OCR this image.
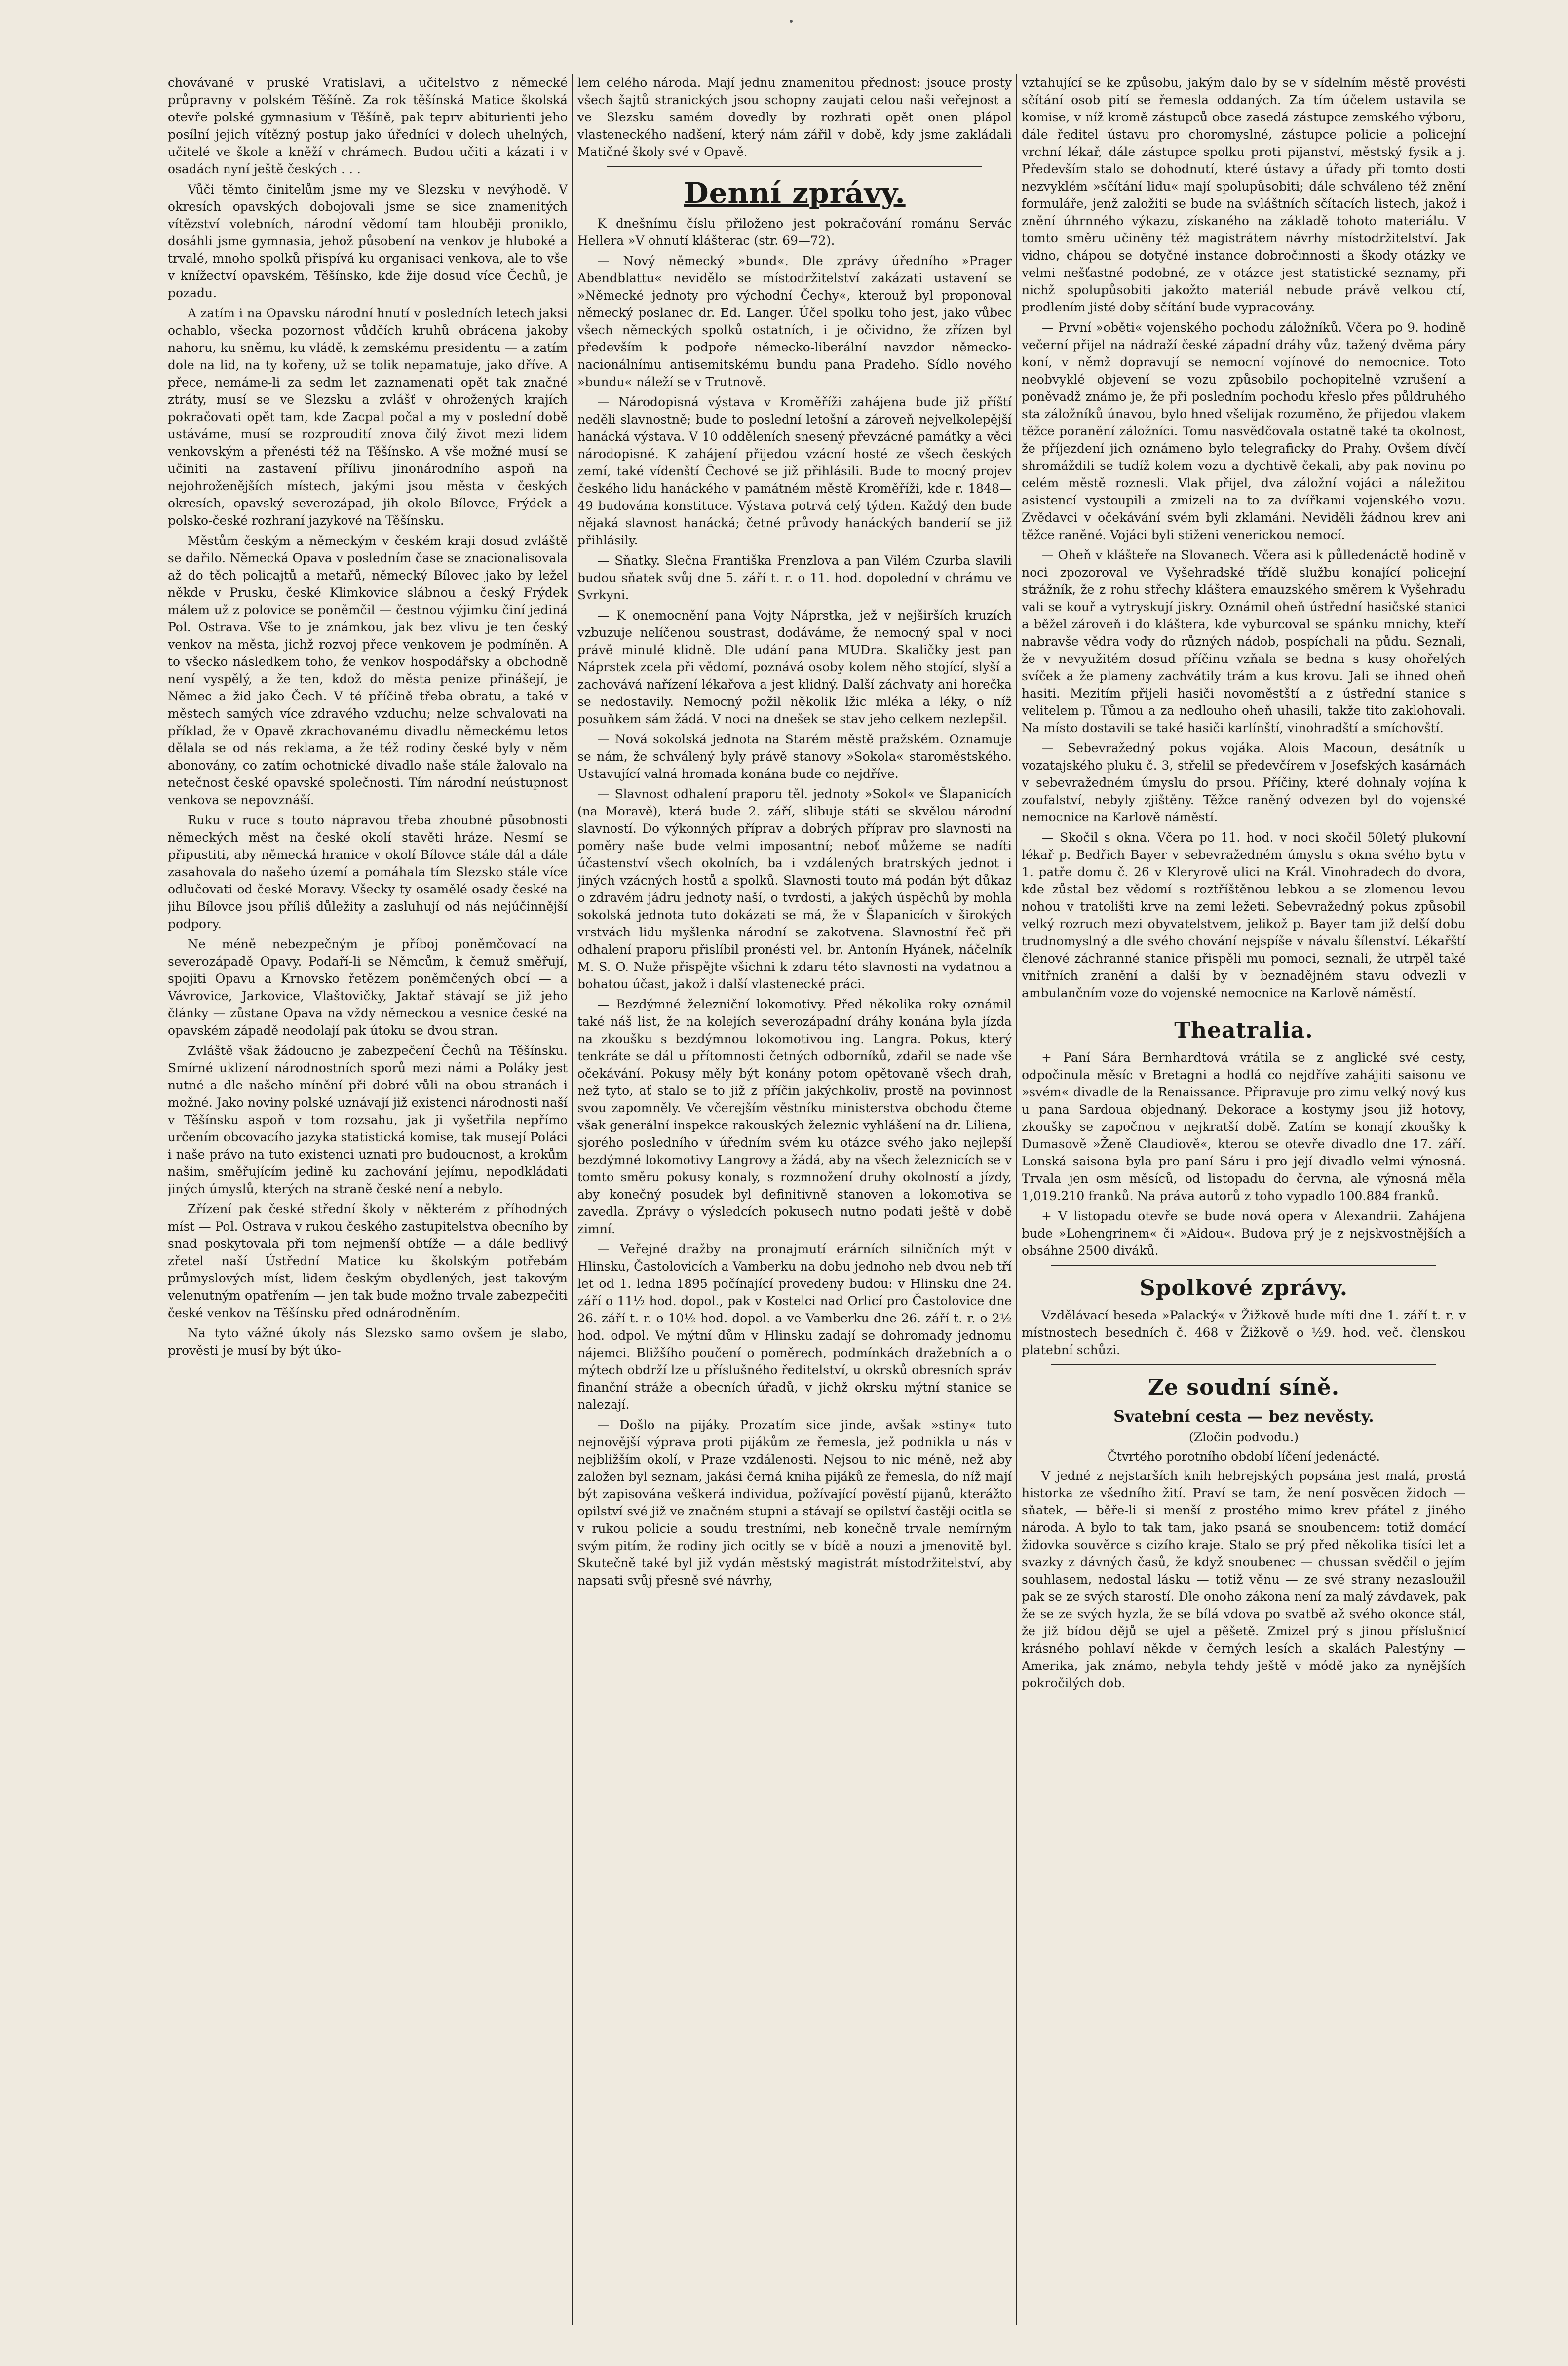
chovávané v pruské Vratislavi, a učitelstvo z německé průpravny v polském Těšíně. Za rok těšínská Matice školská otevře polské gymnasium v Těšíně, pak teprv abiturienti jeho posílní jejich vítězný postup jako úředníci v dolech uhelných, učitelé ve škole a kněží v chrámech. Budou učiti a kázati i v osadách nyní ještě českých . . .

Vůči těmto činitelům jsme my ve Slezsku v nevýhodě. V okresích opavských dobojovali jsme se sice znamenitých vítězství volebních, národní vědomí tam hlouběji proniklo, dosáhli jsme gymnasia, jehož působení na venkov je hluboké a trvalé, mnoho spolků přispívá ku organisaci venkova, ale to vše v knížectví opavském, Těšínsko, kde žije dosud více Čechů, je pozadu.

A zatím i na Opavsku národní hnutí v posledních letech jaksi ochablo, všecka pozornost vůdčích kruhů obrácena jakoby nahoru, ku sněmu, ku vládě, k zemskému presidentu — a zatím dole na lid, na ty kořeny, už se tolik nepamatuje, jako dříve. A přece, nemáme-li za sedm let zaznamenati opět tak značné ztráty, musí se ve Slezsku a zvlášť v ohrožených krajích pokračovati opět tam, kde Zacpal počal a my v poslední době ustáváme, musí se rozproudití znova čilý život mezi lidem venkovským a přenésti též na Těšínsko. A vše možné musí se učiniti na zastavení přílivu jinonárodního aspoň na nejohroženějších místech, jakými jsou města v českých okresích, opavský severozápad, jih okolo Bílovce, Frýdek a polsko-české rozhraní jazykové na Těšínsku.

Městům českým a německým v českém kraji dosud zvláště se dařilo. Německá Opava v posledním čase se znacionalisovala až do těch policajtů a metařů, německý Bílovec jako by ležel někde v Prusku, české Klimkovice slábnou a český Frýdek málem už z polovice se poněmčil — čestnou výjimku činí jediná Pol. Ostrava. Vše to je známkou, jak bez vlivu je ten český venkov na města, jichž rozvoj přece venkovem je podmíněn. A to všecko následkem toho, že venkov hospodářsky a obchodně není vyspělý, a že ten, kdož do města penize přinášejí, je Němec a žid jako Čech. V té příčině třeba obratu, a také v městech samých více zdravého vzduchu; nelze schvalovati na příklad, že v Opavě zkrachovanému divadlu německému letos dělala se od nás reklama, a že též rodiny české byly v něm abonovány, co zatím ochotnické divadlo naše stále žalovalo na netečnost české opavské společnosti. Tím národní neústupnost venkova se nepovznáší.

Ruku v ruce s touto nápravou třeba zhoubné působnosti německých měst na české okolí stavěti hráze. Nesmí se připustiti, aby německá hranice v okolí Bílovce stále dál a dále zasahovala do našeho území a pomáhala tím Slezsko stále více odlučovati od české Moravy. Všecky ty osamělé osady české na jihu Bílovce jsou příliš důležity a zasluhují od nás nejúčinnější podpory.

Ne méně nebezpečným je příboj poněmčovací na severozápadě Opavy. Podaří-li se Němcům, k čemuž směřují, spojiti Opavu a Krnovsko řetězem poněmčených obcí — a Vávrovice, Jarkovice, Vlaštovičky, Jaktař stávají se již jeho články — zůstane Opava na vždy německou a vesnice české na opavském západě neodolají pak útoku se dvou stran.

Zvláště však žádoucno je zabezpečení Čechů na Těšínsku. Smírné uklizení národnostních sporů mezi námi a Poláky jest nutné a dle našeho mínění při dobré vůli na obou stranách i možné. Jako noviny polské uznávají již existenci národnosti naší v Těšínsku aspoň v tom rozsahu, jak ji vyšetřila nepřímo určením obcovacího jazyka statistická komise, tak musejí Poláci i naše právo na tuto existenci uznati pro budoucnost, a krokům našim, směřujícím jedině ku zachování jejímu, nepodkládati jiných úmyslů, kterých na straně české není a nebylo.

Zřízení pak české střední školy v některém z příhodných míst — Pol. Ostrava v rukou českého zastupitelstva obecního by snad poskytovala při tom nejmenší obtíže — a dále bedlivý zřetel naší Ústřední Matice ku školským potřebám průmyslových míst, lidem českým obydlených, jest takovým velenutným opatřením — jen tak bude možno trvale zabezpečiti české venkov na Těšínsku před odnárodněním.

Na tyto vážné úkoly nás Slezsko samo ovšem je slabo, prověsti je musí by být úko-

lem celého národa. Mají jednu znamenitou přednost: jsouce prosty všech šajtů stranických jsou schopny zaujati celou naši veřejnost a ve Slezsku samém dovedly by rozhrati opět onen plápol vlasteneckého nadšení, který nám zářil v době, kdy jsme zakládali Matičné školy své v Opavě.

Denní zprávy.

K dnešnímu číslu přiloženo jest pokračování románu Servác Hellera »V ohnutí klášterac (str. 69—72).

— Nový německý »bund«. Dle zprávy úředního »Prager Abendblattu« nevidělo se místodržitelství zakázati ustavení se »Německé jednoty pro východní Čechy«, kterouž byl proponoval německý poslanec dr. Ed. Langer. Účel spolku toho jest, jako vůbec všech německých spolků ostatních, i je očividno, že zřízen byl především k podpoře německo-liberální navzdor německo-nacionálnímu antisemitskému bundu pana Pradeho. Sídlo nového »bundu« náleží se v Trutnově.

— Národopisná výstava v Kroměříži zahájena bude již příští neděli slavnostně; bude to poslední letošní a zároveň nejvelkolepější hanácká výstava. V 10 odděleních snesený převzácné památky a věci národopisné. K zahájení přijedou vzácní hosté ze všech českých zemí, také vídenští Čechové se již přihlásili. Bude to mocný projev českého lidu hanáckého v památném městě Kroměříži, kde r. 1848—49 budována konstituce. Výstava potrvá celý týden. Každý den bude nějaká slavnost hanácká; četné průvody hanáckých banderií se již přihlásily.

— Sňatky. Slečna Františka Frenzlova a pan Vilém Czurba slavili budou sňatek svůj dne 5. září t. r. o 11. hod. dopolední v chrámu ve Svrkyni.

— K onemocnění pana Vojty Náprstka, jež v nejširších kruzích vzbuzuje nelíčenou soustrast, dodáváme, že nemocný spal v noci právě minulé klidně. Dle udání pana MUDra. Skaličky jest pan Náprstek zcela při vědomí, poznává osoby kolem něho stojící, slyší a zachovává nařízení lékařova a jest klidný. Další záchvaty ani horečka se nedostavily. Nemocný požil několik lžic mléka a léky, o níž posuňkem sám žádá. V noci na dnešek se stav jeho celkem nezlepšil.

— Nová sokolská jednota na Starém městě pražském. Oznamuje se nám, že schválený byly právě stanovy »Sokola« staroměstského. Ustavující valná hromada konána bude co nejdříve.

— Slavnost odhalení praporu těl. jednoty »Sokol« ve Šlapanicích (na Moravě), která bude 2. září, slibuje státi se skvělou národní slavností. Do výkonných příprav a dobrých příprav pro slavnosti na poměry naše bude velmi imposantní; neboť můžeme se nadíti účastenství všech okolních, ba i vzdálených bratrských jednot i jiných vzácných hostů a spolků. Slavnosti touto má podán být důkaz o zdravém jádru jednoty naší, o tvrdosti, a jakých úspěchů by mohla sokolská jednota tuto dokázati se má, že v Šlapanicích v širokých vrstvách lidu myšlenka národní se zakotvena. Slavnostní řeč při odhalení praporu přislíbil pronésti vel. br. Antonín Hyánek, náčelník M. S. O. Nuže přispějte všichni k zdaru této slavnosti na vydatnou a bohatou účast, jakož i další vlastenecké práci.

— Bezdýmné železniční lokomotivy. Před několika roky oznámil také náš list, že na kolejích severozápadní dráhy konána byla jízda na zkoušku s bezdýmnou lokomotivou ing. Langra. Pokus, který tenkráte se dál u přítomnosti četných odborníků, zdařil se nade vše očekávání. Pokusy měly být konány potom opětovaně všech drah, než tyto, ať stalo se to již z příčin jakýchkoliv, prostě na povinnost svou zapomněly. Ve včerejším věstníku ministerstva obchodu čteme však generální inspekce rakouských železnic vyhlášení na dr. Liliena, sjorého posledního v úředním svém ku otázce svého jako nejlepší bezdýmné lokomotivy Langrovy a žádá, aby na všech železnicích se v tomto směru pokusy konaly, s rozmnožení druhy okolností a jízdy, aby konečný posudek byl definitivně stanoven a lokomotiva se zavedla. Zprávy o výsledcích pokusech nutno podati ještě v době zimní.

— Veřejné dražby na pronajmutí erárních silničních mýt v Hlinsku, Častolovicích a Vamberku na dobu jednoho neb dvou neb tří let od 1. ledna 1895 počínající provedeny budou: v Hlinsku dne 24. září o 11½ hod. dopol., pak v Kostelci nad Orlicí pro Častolovice dne 26. září t. r. o 10½ hod. dopol. a ve Vamberku dne 26. září t. r. o 2½ hod. odpol. Ve mýtní dům v Hlinsku zadají se dohromady jednomu nájemci. Bližšího poučení o poměrech, podmínkách dražebních a o mýtech obdrží lze u příslušného ředitelství, u okrsků obresních správ finanční stráže a obecních úřadů, v jichž okrsku mýtní stanice se nalezají.

— Došlo na pijáky. Prozatím sice jinde, avšak »stiny« tuto nejnovější výprava proti pijákům ze řemesla, jež podnikla u nás v nejbližším okolí, v Praze vzdálenosti. Nejsou to nic méně, než aby založen byl seznam, jakási černá kniha pijáků ze řemesla, do níž mají být zapisována veškerá individua, požívající pověstí pijanů, kterážto opilství své již ve značném stupni a stávají se opilství častěji ocitla se v rukou policie a soudu trestními, neb konečně trvale nemírným svým pitím, že rodiny jich ocitly se v bídě a nouzi a jmenovitě byl. Skutečně také byl již vydán městský magistrát místodržitelství, aby napsati svůj přesně své návrhy,

vztahující se ke způsobu, jakým dalo by se v sídelním městě provésti sčítání osob pití se řemesla oddaných. Za tím účelem ustavila se komise, v níž kromě zástupců obce zasedá zástupce zemského výboru, dále ředitel ústavu pro choromyslné, zástupce policie a policejní vrchní lékař, dále zástupce spolku proti pijanství, městský fysik a j. Především stalo se dohodnutí, které ústavy a úřady při tomto dosti nezvyklém »sčítání lidu« mají spolupůsobiti; dále schváleno též znění formuláře, jenž založiti se bude na svláštních sčítacích listech, jakož i znění úhrnného výkazu, získaného na základě tohoto materiálu. V tomto směru učiněny též magistrátem návrhy místodržitelství. Jak vidno, chápou se dotyčné instance dobročinnosti a škody otázky ve velmi nešťastné podobné, ze v otázce jest statistické seznamy, při nichž spolupůsobiti jakožto materiál nebude právě velkou ctí, prodlením jisté doby sčítání bude vypracovány.

— První »oběti« vojenského pochodu záložníků. Včera po 9. hodině večerní přijel na nádraží české západní dráhy vůz, tažený dvěma páry koní, v němž dopravují se nemocní vojínové do nemocnice. Toto neobvyklé objevení se vozu způsobilo pochopitelně vzrušení a poněvadž známo je, že při posledním pochodu křeslo přes půldruhého sta záložníků únavou, bylo hned všelijak rozuměno, že přijedou vlakem těžce poranění záložníci. Tomu nasvědčovala ostatně také ta okolnost, že příjezdení jich oznámeno bylo telegraficky do Prahy. Ovšem dívčí shromáždili se tudíž kolem vozu a dychtivě čekali, aby pak novinu po celém městě roznesli. Vlak přijel, dva záložní vojáci a náležitou asistencí vystoupili a zmizeli na to za dvířkami vojenského vozu. Zvědavci v očekávání svém byli zklamáni. Neviděli žádnou krev ani těžce raněné. Vojáci byli stiženi venerickou nemocí.

— Oheň v klášteře na Slovanech. Včera asi k půlledenáctě hodině v noci zpozoroval ve Vyšehradské třídě službu konající policejní strážník, že z rohu střechy kláštera emauzského směrem k Vyšehradu vali se kouř a vytryskují jiskry. Oznámil oheň ústřední hasičské stanici a běžel zároveň i do kláštera, kde vyburcoval se spánku mnichy, kteří nabravše vědra vody do různých nádob, pospíchali na půdu. Seznali, že v nevyužitém dosud příčinu vzňala se bedna s kusy ohořelých svíček a že plameny zachvátily trám a kus krovu. Jali se ihned oheň hasiti. Mezitím přijeli hasiči novoměstští a z ústřední stanice s velitelem p. Tůmou a za nedlouho oheň uhasili, takže tito zaklohovali. Na místo dostavili se také hasiči karlínští, vinohradští a smíchovští.

— Sebevražedný pokus vojáka. Alois Macoun, desátník u vozatajského pluku č. 3, střelil se předevčírem v Josefských kasárnách v sebevražedném úmyslu do prsou. Příčiny, které dohnaly vojína k zoufalství, nebyly zjištěny. Těžce raněný odvezen byl do vojenské nemocnice na Karlově náměstí.

— Skočil s okna. Včera po 11. hod. v noci skočil 50letý plukovní lékař p. Bedřich Bayer v sebevražedném úmyslu s okna svého bytu v 1. patře domu č. 26 v Kleryrově ulici na Král. Vinohradech do dvora, kde zůstal bez vědomí s roztříštěnou lebkou a se zlomenou levou nohou v tratolišti krve na zemi ležeti. Sebevražedný pokus způsobil velký rozruch mezi obyvatelstvem, jelikož p. Bayer tam již delší dobu trudnomyslný a dle svého chování nejspíše v návalu šílenství. Lékařští členové záchranné stanice přispěli mu pomoci, seznali, že utrpěl také vnitřních zranění a další by v beznadějném stavu odvezli v ambulančním voze do vojenské nemocnice na Karlově náměstí.

Theatralia.

+ Paní Sára Bernhardtová vrátila se z anglické své cesty, odpočinula měsíc v Bretagni a hodlá co nejdříve zahájiti saisonu ve »svém« divadle de la Renaissance. Připravuje pro zimu velký nový kus u pana Sardoua objednaný. Dekorace a kostymy jsou již hotovy, zkoušky se započnou v nejkratší době. Zatím se konají zkoušky k Dumasově »Ženě Claudiově«, kterou se otevře divadlo dne 17. září. Lonská saisona byla pro paní Sáru i pro její divadlo velmi výnosná. Trvala jen osm měsíců, od listopadu do června, ale výnosná měla 1,019.210 franků. Na práva autorů z toho vypadlo 100.884 franků.

+ V listopadu otevře se bude nová opera v Alexandrii. Zahájena bude »Lohengrinem« či »Aidou«. Budova prý je z nejskvostnějších a obsáhne 2500 diváků.

Spolkové zprávy.

Vzdělávací beseda »Palacký« v Žižkově bude míti dne 1. září t. r. v místnostech besedních č. 468 v Žižkově o ½9. hod. več. členskou platební schůzi.

Ze soudní síně.
Svatební cesta — bez nevěsty.
(Zločin podvodu.)
Čtvrtého porotního období líčení jedenácté.

V jedné z nejstarších knih hebrejských popsána jest malá, prostá historka ze všedního žití. Praví se tam, že není posvěcen židoch — sňatek, — běře-li si menší z prostého mimo krev přátel z jiného národa. A bylo to tak tam, jako psaná se snoubencem: totiž domácí židovka souvěrce s cizího kraje. Stalo se prý před několika tisíci let a svazky z dávných časů, že když snoubenec — chussan svědčil o jejím souhlasem, nedostal lásku — totiž věnu — ze své strany nezasloužil pak se ze svých starostí. Dle onoho zákona není za malý závdavek, pak že se ze svých hyzla, že se bílá vdova po svatbě až svého okonce stál, že již bídou dějů se ujel a pěšetě. Zmizel prý s jinou příslušnicí krásného pohlaví někde v černých lesích a skalách Palestýny — Amerika, jak známo, nebyla tehdy ještě v módě jako za nynějších pokročilých dob.
